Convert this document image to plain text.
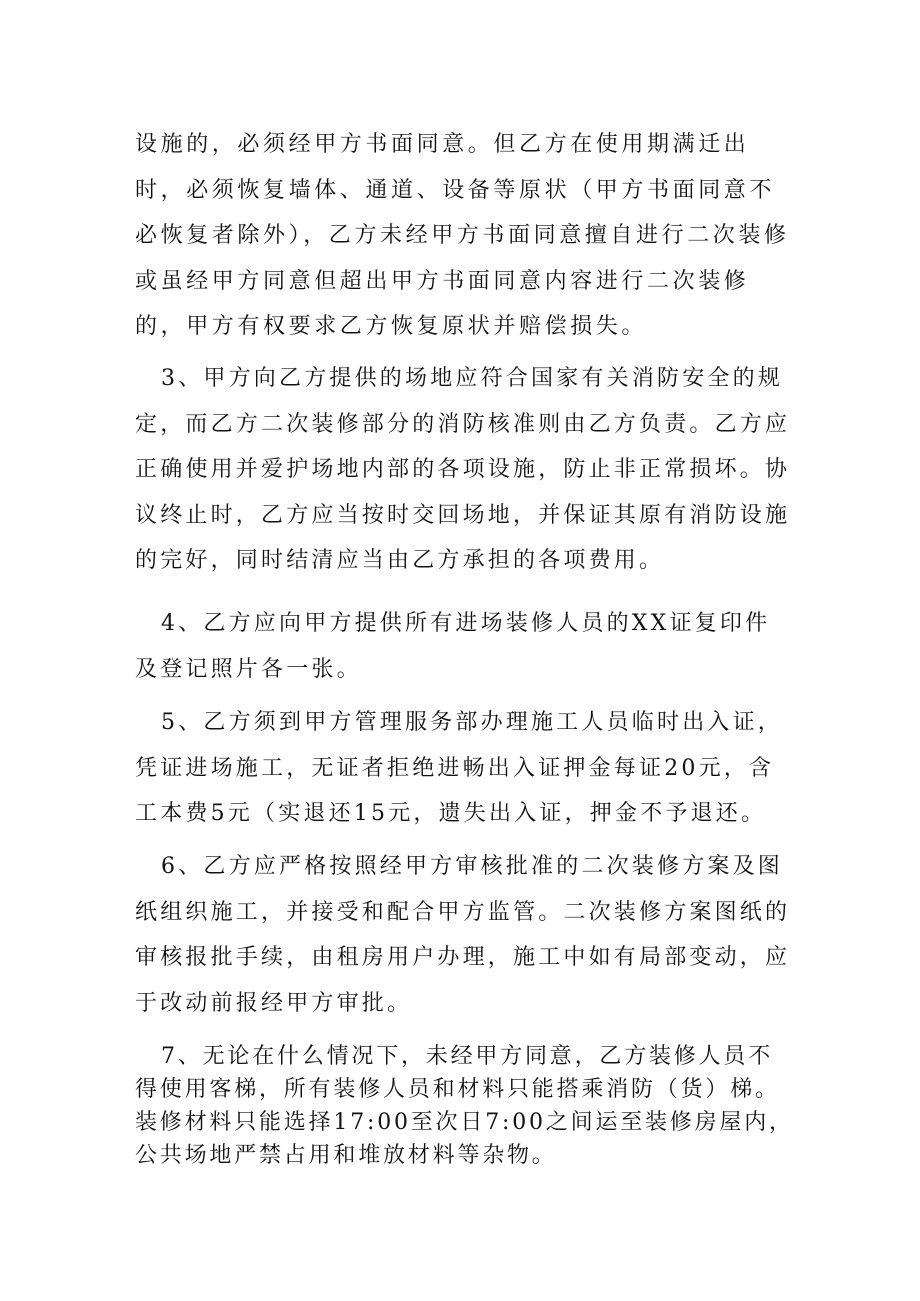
设施的，必须经甲方书面同意。但乙方在使用期满迁出时，必须恢复墙体、通道、设备等原状（甲方书面同意不必恢复者除外），乙方未经甲方书面同意擅自进行二次装修或虽经甲方同意但超出甲方书面同意内容进行二次装修的，甲方有权要求乙方恢复原状并赔偿损失。

3、甲方向乙方提供的场地应符合国家有关消防安全的规定，而乙方二次装修部分的消防核准则由乙方负责。乙方应正确使用并爱护场地内部的各项设施，防止非正常损坏。协议终止时，乙方应当按时交回场地，并保证其原有消防设施的完好，同时结清应当由乙方承担的各项费用。

4、乙方应向甲方提供所有进场装修人员的XX证复印件及登记照片各一张。

5、乙方须到甲方管理服务部办理施工人员临时出入证，凭证进场施工，无证者拒绝进畅出入证押金每证20元，含工本费5元（实退还15元，遗失出入证，押金不予退还。

6、乙方应严格按照经甲方审核批准的二次装修方案及图纸组织施工，并接受和配合甲方监管。二次装修方案图纸的审核报批手续，由租房用户办理，施工中如有局部变动，应于改动前报经甲方审批。

7、无论在什么情况下，未经甲方同意，乙方装修人员不得使用客梯，所有装修人员和材料只能搭乘消防（货）梯。装修材料只能选择17:00至次日7:00之间运至装修房屋内，公共场地严禁占用和堆放材料等杂物。
